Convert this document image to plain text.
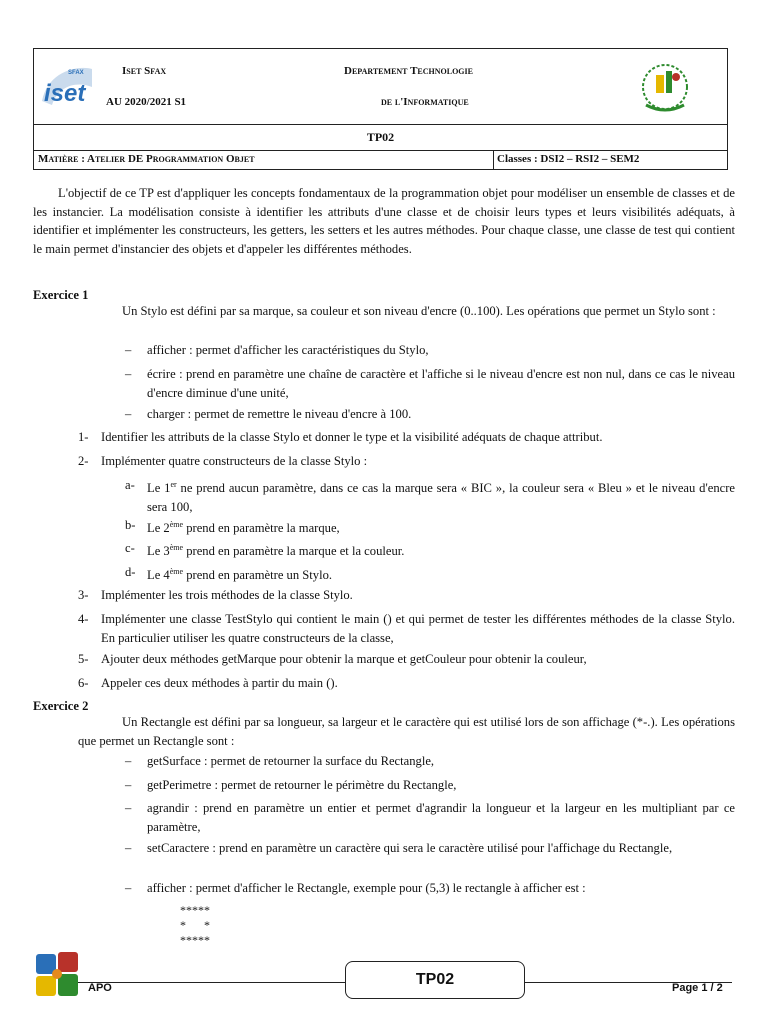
SFAX
iset
Iset Sfax
AU 2020/2021 S1
Departement Technologie
de l'Informatique
TP02
Matière : Atelier DE Programmation Objet	Classes : DSI2 – RSI2 – SEM2
L'objectif de ce TP est d'appliquer les concepts fondamentaux de la programmation objet pour modéliser un ensemble de classes et de les instancier. La modélisation consiste à identifier les attributs d'une classe et de choisir leurs types et leurs visibilités adéquats, à identifier et implémenter les constructeurs, les getters, les setters et les autres méthodes. Pour chaque classe, une classe de test qui contient le main permet d'instancier des objets et d'appeler les différentes méthodes.
Exercice 1
Un Stylo est défini par sa marque, sa couleur et son niveau d'encre (0..100). Les opérations que permet un Stylo sont :
– afficher : permet d'afficher les caractéristiques du Stylo,
– écrire : prend en paramètre une chaîne de caractère et l'affiche si le niveau d'encre est non nul, dans ce cas le niveau d'encre diminue d'une unité,
– charger : permet de remettre le niveau d'encre à 100.
1- Identifier les attributs de la classe Stylo et donner le type et la visibilité adéquats de chaque attribut.
2- Implémenter quatre constructeurs de la classe Stylo :
a- Le 1er ne prend aucun paramètre, dans ce cas la marque sera « BIC », la couleur sera « Bleu » et le niveau d'encre sera 100,
b- Le 2ème prend en paramètre la marque,
c- Le 3ème prend en paramètre la marque et la couleur.
d- Le 4ème prend en paramètre un Stylo.
3- Implémenter les trois méthodes de la classe Stylo.
4- Implémenter une classe TestStylo qui contient le main () et qui permet de tester les différentes méthodes de la classe Stylo. En particulier utiliser les quatre constructeurs de la classe,
5- Ajouter deux méthodes getMarque pour obtenir la marque et getCouleur pour obtenir la couleur,
6- Appeler ces deux méthodes à partir du main ().
Exercice 2
Un Rectangle est défini par sa longueur, sa largeur et le caractère qui est utilisé lors de son affichage (*-.). Les opérations que permet un Rectangle sont :
– getSurface : permet de retourner la surface du Rectangle,
– getPerimetre : permet de retourner le périmètre du Rectangle,
– agrandir : prend en paramètre un entier et permet d'agrandir la longueur et la largeur en les multipliant par ce paramètre,
– setCaractere : prend en paramètre un caractère qui sera le caractère utilisé pour l'affichage du Rectangle,
– afficher : permet d'afficher le Rectangle, exemple pour (5,3) le rectangle à afficher est :
*****
*      *
*****
APO	TP02	Page 1 / 2
